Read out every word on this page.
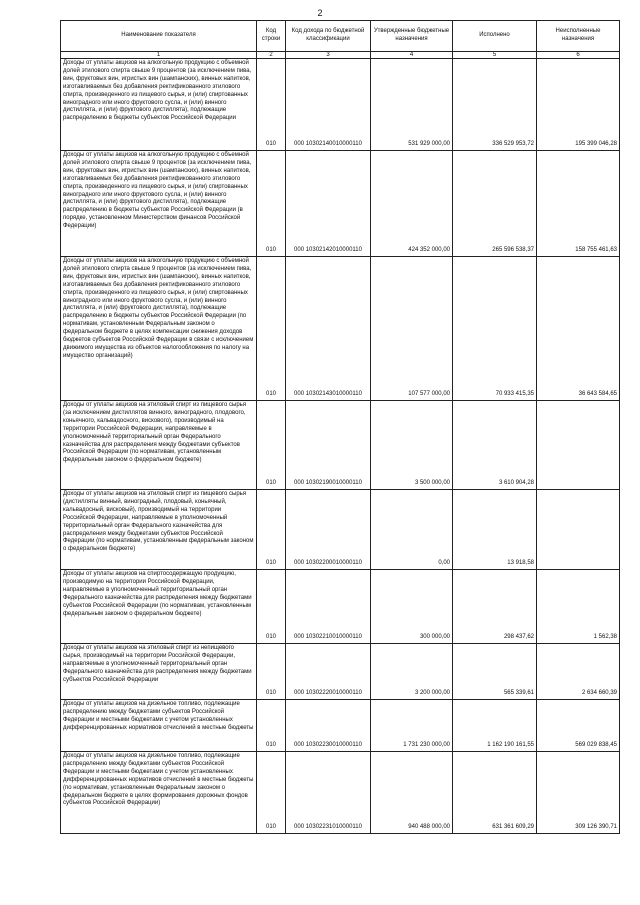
2
Наименование показателя	Код строки	Код дохода по бюджетной классификации	Утвержденные бюджетные назначения	Исполнено	Неисполненные назначения
1	2	3	4	5	6
Доходы от уплаты акцизов на алкогольную продукцию с объемной долей этилового спирта свыше 9 процентов (за исключением пива, вин, фруктовых вин, игристых вин (шампанских), винных напитков, изготавливаемых без добавления ректификованного этилового спирта, произведенного из пищевого сырья, и (или) спиртованных виноградного или иного фруктового сусла, и (или) винного дистиллята, и (или) фруктового дистиллята), подлежащие распределению в бюджеты субъектов Российской Федерации	010	000 10302140010000110	531 929 000,00	336 529 953,72	195 399 046,28
Доходы от уплаты акцизов на алкогольную продукцию с объемной долей этилового спирта свыше 9 процентов (за исключением пива, вин, фруктовых вин, игристых вин (шампанских), винных напитков, изготавливаемых без добавления ректификованного этилового спирта, произведенного из пищевого сырья, и (или) спиртованных виноградного или иного фруктового сусла, и (или) винного дистиллята, и (или) фруктового дистиллята), подлежащие распределению в бюджеты субъектов Российской Федерации (в порядке, установленном Министерством финансов Российской Федерации)	010	000 10302142010000110	424 352 000,00	265 596 538,37	158 755 461,63
Доходы от уплаты акцизов на алкогольную продукцию с объемной долей этилового спирта свыше 9 процентов (за исключением пива, вин, фруктовых вин, игристых вин (шампанских), винных напитков, изготавливаемых без добавления ректификованного этилового спирта, произведенного из пищевого сырья, и (или) спиртованных виноградного или иного фруктового сусла, и (или) винного дистиллята, и (или) фруктового дистиллята), подлежащие распределению в бюджеты субъектов Российской Федерации (по нормативам, установленным Федеральным законом о федеральном бюджете в целях компенсации снижения доходов бюджетов субъектов Российской Федерации в связи с исключением движимого имущества из объектов налогообложения по налогу на имущество организаций)	010	000 10302143010000110	107 577 000,00	70 933 415,35	36 643 584,65
Доходы от уплаты акцизов на этиловый спирт из пищевого сырья (за исключением дистиллятов винного, виноградного, плодового, коньячного, кальвадосного, вискового), производимый на территории Российской Федерации, направляемые в уполномоченный территориальный орган Федерального казначейства для распределения между бюджетами субъектов Российской Федерации (по нормативам, установленным федеральным законом о федеральном бюджете)	010	000 10302190010000110	3 500 000,00	3 610 904,28	
Доходы от уплаты акцизов на этиловый спирт из пищевого сырья (дистилляты винный, виноградный, плодовый, коньячный, кальвадосный, висковый), производимый на территории Российской Федерации, направляемые в уполномоченный территориальный орган Федерального казначейства для распределения между бюджетами субъектов Российской Федерации (по нормативам, установленным федеральным законом о федеральном бюджете)	010	000 10302200010000110	0,00	13 918,58	
Доходы от уплаты акцизов на спиртосодержащую продукцию, производимую на территории Российской Федерации, направляемые в уполномоченный территориальный орган Федерального казначейства для распределения между бюджетами субъектов Российской Федерации (по нормативам, установленным федеральным законом о федеральном бюджете)	010	000 10302210010000110	300 000,00	298 437,62	1 562,38
Доходы от уплаты акцизов на этиловый спирт из непищевого сырья, производимый на территории Российской Федерации, направляемые в уполномоченный территориальный орган Федерального казначейства для распределения между бюджетами субъектов Российской Федерации	010	000 10302220010000110	3 200 000,00	565 339,61	2 634 660,39
Доходы от уплаты акцизов на дизельное топливо, подлежащие распределению между бюджетами субъектов Российской Федерации и местными бюджетами с учетом установленных дифференцированных нормативов отчислений в местные бюджеты	010	000 10302230010000110	1 731 230 000,00	1 162 190 161,55	569 029 838,45
Доходы от уплаты акцизов на дизельное топливо, подлежащие распределению между бюджетами субъектов Российской Федерации и местными бюджетами с учетом установленных дифференцированных нормативов отчислений в местные бюджеты (по нормативам, установленным Федеральным законом о федеральном бюджете в целях формирования дорожных фондов субъектов Российской Федерации)	010	000 10302231010000110	940 488 000,00	631 361 609,29	309 126 390,71
